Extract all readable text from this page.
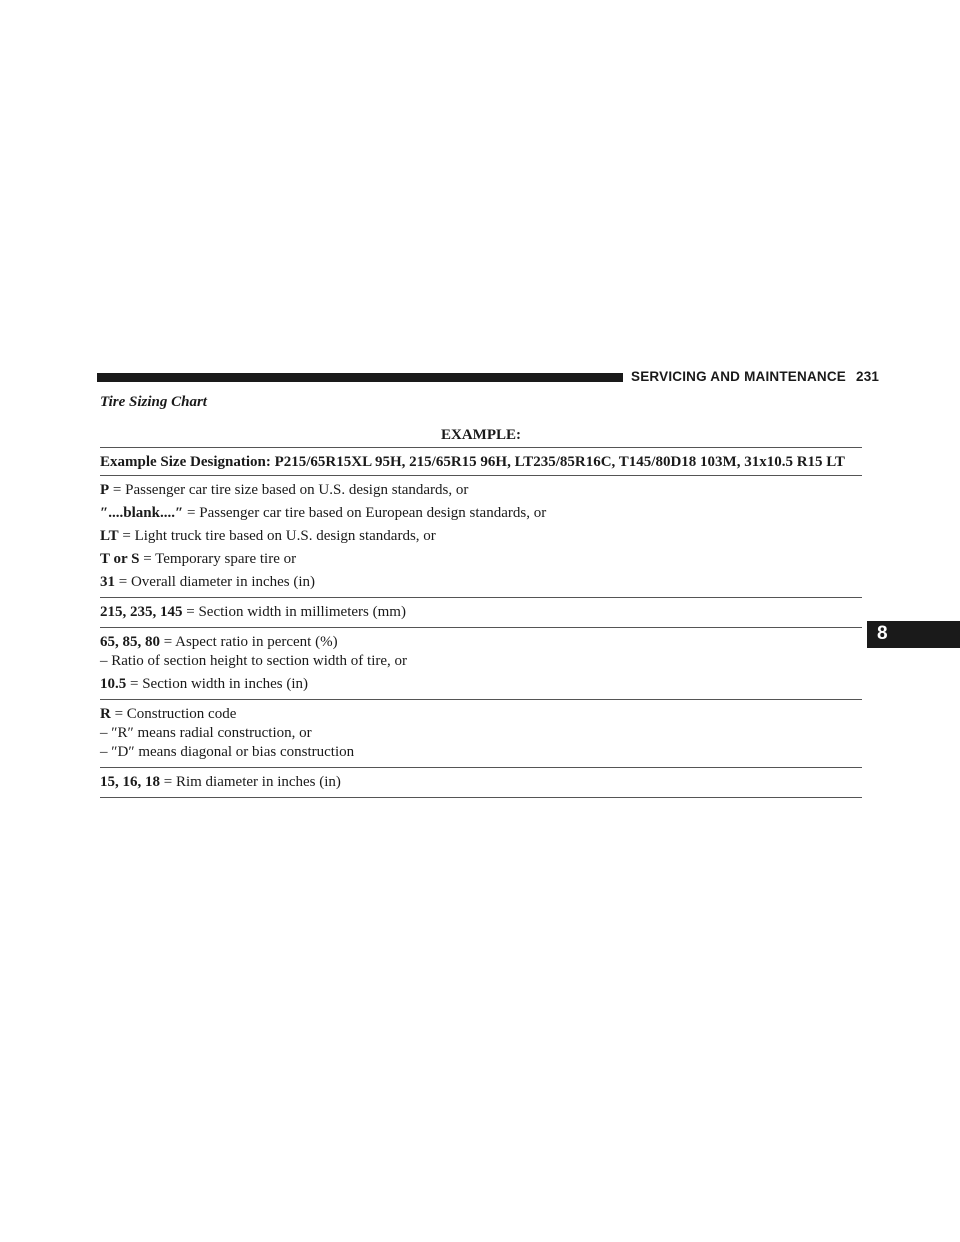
SERVICING AND MAINTENANCE 231
Tire Sizing Chart
EXAMPLE:
Example Size Designation: P215/65R15XL 95H, 215/65R15 96H, LT235/85R16C, T145/80D18 103M, 31x10.5 R15 LT
P = Passenger car tire size based on U.S. design standards, or
″....blank....″ = Passenger car tire based on European design standards, or
LT = Light truck tire based on U.S. design standards, or
T or S = Temporary spare tire or
31 = Overall diameter in inches (in)
215, 235, 145 = Section width in millimeters (mm)
65, 85, 80 = Aspect ratio in percent (%)
– Ratio of section height to section width of tire, or
10.5 = Section width in inches (in)
R = Construction code
– ″R″ means radial construction, or
– ″D″ means diagonal or bias construction
15, 16, 18 = Rim diameter in inches (in)
8
